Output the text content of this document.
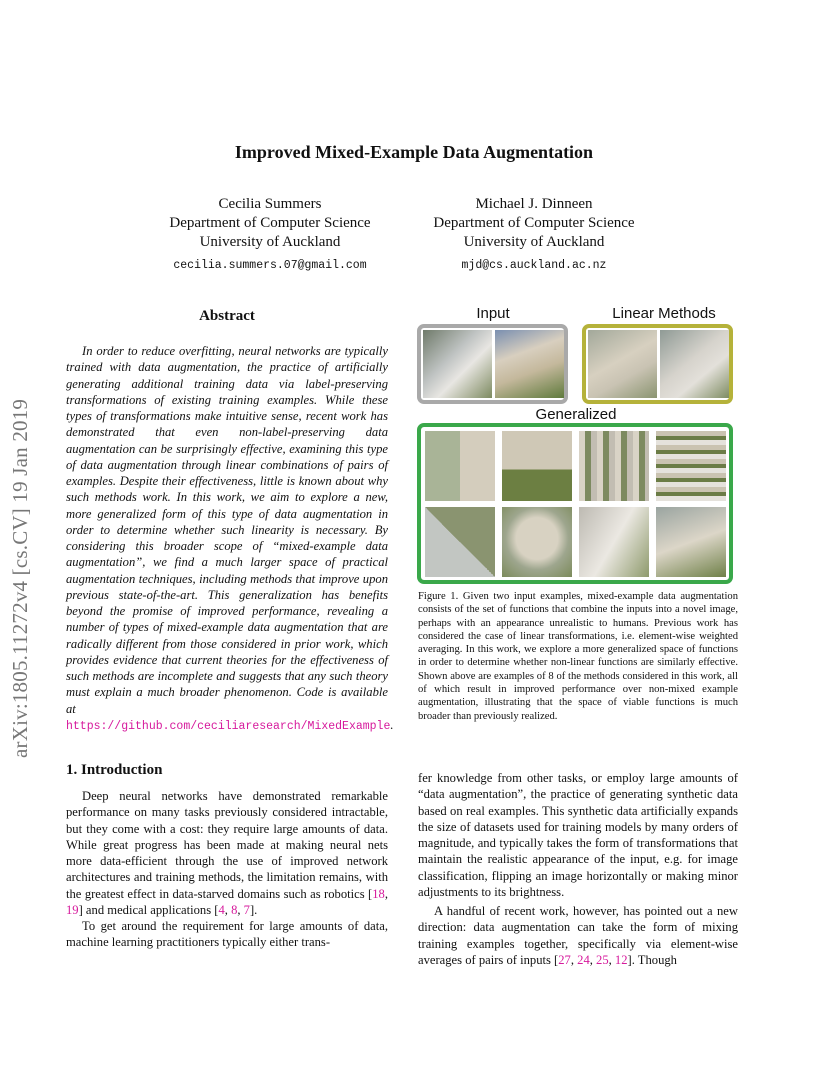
Improved Mixed-Example Data Augmentation
Cecilia Summers
Department of Computer Science
University of Auckland
cecilia.summers.07@gmail.com
Michael J. Dinneen
Department of Computer Science
University of Auckland
mjd@cs.auckland.ac.nz
arXiv:1805.11272v4 [cs.CV] 19 Jan 2019
Abstract
In order to reduce overfitting, neural networks are typically trained with data augmentation, the practice of artificially generating additional training data via label-preserving transformations of existing training examples. While these types of transformations make intuitive sense, recent work has demonstrated that even non-label-preserving data augmentation can be surprisingly effective, examining this type of data augmentation through linear combinations of pairs of examples. Despite their effectiveness, little is known about why such methods work. In this work, we aim to explore a new, more generalized form of this type of data augmentation in order to determine whether such linearity is necessary. By considering this broader scope of “mixed-example data augmentation”, we find a much larger space of practical augmentation techniques, including methods that improve upon previous state-of-the-art. This generalization has benefits beyond the promise of improved performance, revealing a number of types of mixed-example data augmentation that are radically different from those considered in prior work, which provides evidence that current theories for the effectiveness of such methods are incomplete and suggests that any such theory must explain a much broader phenomenon. Code is available at https://github.com/ceciliaresearch/MixedExample.
Input	Linear Methods
Generalized
Figure 1. Given two input examples, mixed-example data augmentation consists of the set of functions that combine the inputs into a novel image, perhaps with an appearance unrealistic to humans. Previous work has considered the case of linear transformations, i.e. element-wise weighted averaging. In this work, we explore a more generalized space of functions in order to determine whether non-linear functions are similarly effective. Shown above are examples of 8 of the methods considered in this work, all of which result in improved performance over non-mixed example augmentation, illustrating that the space of viable functions is much broader than previously realized.
1. Introduction
Deep neural networks have demonstrated remarkable performance on many tasks previously considered intractable, but they come with a cost: they require large amounts of data. While great progress has been made at making neural nets more data-efficient through the use of improved network architectures and training methods, the limitation remains, with the greatest effect in data-starved domains such as robotics [18, 19] and medical applications [4, 8, 7].
To get around the requirement for large amounts of data, machine learning practitioners typically either trans-
fer knowledge from other tasks, or employ large amounts of “data augmentation”, the practice of generating synthetic data based on real examples. This synthetic data artificially expands the size of datasets used for training models by many orders of magnitude, and typically takes the form of transformations that maintain the realistic appearance of the input, e.g. for image classification, flipping an image horizontally or making minor adjustments to its brightness.
A handful of recent work, however, has pointed out a new direction: data augmentation can take the form of mixing training examples together, specifically via element-wise averages of pairs of inputs [27, 24, 25, 12]. Though
